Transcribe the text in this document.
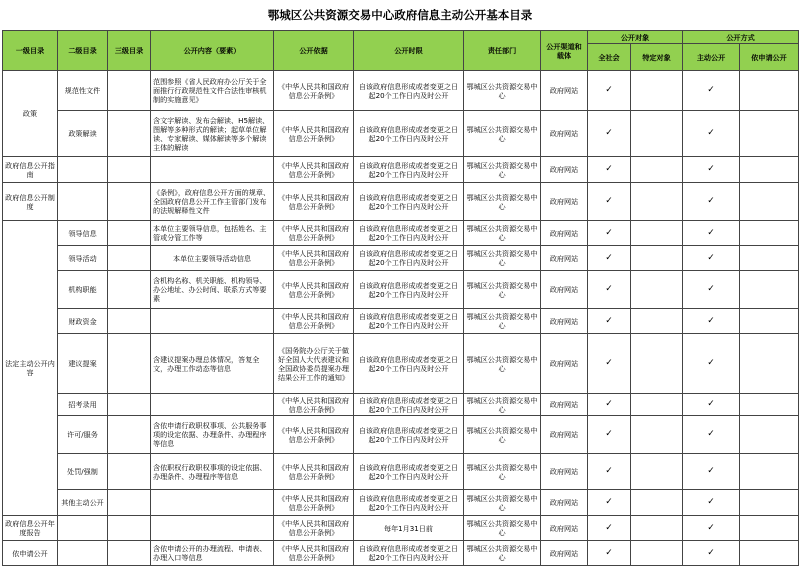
鄂城区公共资源交易中心政府信息主动公开基本目录
一级目录	二级目录	三级目录	公开内容（要素）	公开依据	公开时限	责任部门	公开渠道和载体	公开对象		公开方式	
								全社会	特定对象	主动公开	依申请公开
政策	规范性文件		范围参照《省人民政府办公厅关于全面推行行政规范性文件合法性审核机制的实施意见》	《中华人民共和国政府信息公开条例》	自该政府信息形成或者变更之日起20个工作日内及时公开	鄂城区公共资源交易中心	政府网站	✓		✓	
	政策解读		含文字解读、发布会解读、H5解读、图解等多种形式的解读；起草单位解读、专家解读、媒体解读等多个解读主体的解读	《中华人民共和国政府信息公开条例》	自该政府信息形成或者变更之日起20个工作日内及时公开	鄂城区公共资源交易中心	政府网站	✓		✓	
政府信息公开指南				《中华人民共和国政府信息公开条例》	自该政府信息形成或者变更之日起20个工作日内及时公开	鄂城区公共资源交易中心	政府网站	✓		✓	
政府信息公开制度			《条例》，政府信息公开方面的规章、全国政府信息公开工作主管部门发布的法规解释性文件	《中华人民共和国政府信息公开条例》	自该政府信息形成或者变更之日起20个工作日内及时公开	鄂城区公共资源交易中心	政府网站	✓		✓	
法定主动公开内容	领导信息		本单位主要领导信息，包括姓名、主管或分管工作等	《中华人民共和国政府信息公开条例》	自该政府信息形成或者变更之日起20个工作日内及时公开	鄂城区公共资源交易中心	政府网站	✓		✓	
	领导活动		本单位主要领导活动信息	《中华人民共和国政府信息公开条例》	自该政府信息形成或者变更之日起20个工作日内及时公开	鄂城区公共资源交易中心	政府网站	✓		✓	
	机构职能		含机构名称、机关职能、机构领导、办公地址、办公时间、联系方式等要素	《中华人民共和国政府信息公开条例》	自该政府信息形成或者变更之日起20个工作日内及时公开	鄂城区公共资源交易中心	政府网站	✓		✓	
	财政资金			《中华人民共和国政府信息公开条例》	自该政府信息形成或者变更之日起20个工作日内及时公开	鄂城区公共资源交易中心	政府网站	✓		✓	
	建议提案		含建议提案办理总体情况，答复全文，办理工作动态等信息	《国务院办公厅关于做好全国人大代表建议和全国政协委员提案办理结果公开工作的通知》	自该政府信息形成或者变更之日起20个工作日内及时公开	鄂城区公共资源交易中心	政府网站	✓		✓	
	招考录用			《中华人民共和国政府信息公开条例》	自该政府信息形成或者变更之日起20个工作日内及时公开	鄂城区公共资源交易中心	政府网站	✓		✓	
	许可/服务		含依申请行政职权事项、公共服务事项的设定依据、办理条件、办理程序等信息	《中华人民共和国政府信息公开条例》	自该政府信息形成或者变更之日起20个工作日内及时公开	鄂城区公共资源交易中心	政府网站	✓		✓	
	处罚/强制		含依职权行政职权事项的设定依据、办理条件、办理程序等信息	《中华人民共和国政府信息公开条例》	自该政府信息形成或者变更之日起20个工作日内及时公开	鄂城区公共资源交易中心	政府网站	✓		✓	
	其他主动公开			《中华人民共和国政府信息公开条例》	自该政府信息形成或者变更之日起20个工作日内及时公开	鄂城区公共资源交易中心	政府网站	✓		✓	
政府信息公开年度报告				《中华人民共和国政府信息公开条例》	每年1月31日前	鄂城区公共资源交易中心	政府网站	✓		✓	
依申请公开			含依申请公开的办理流程、申请表、办理入口等信息	《中华人民共和国政府信息公开条例》	自该政府信息形成或者变更之日起20个工作日内及时公开	鄂城区公共资源交易中心	政府网站	✓		✓	
